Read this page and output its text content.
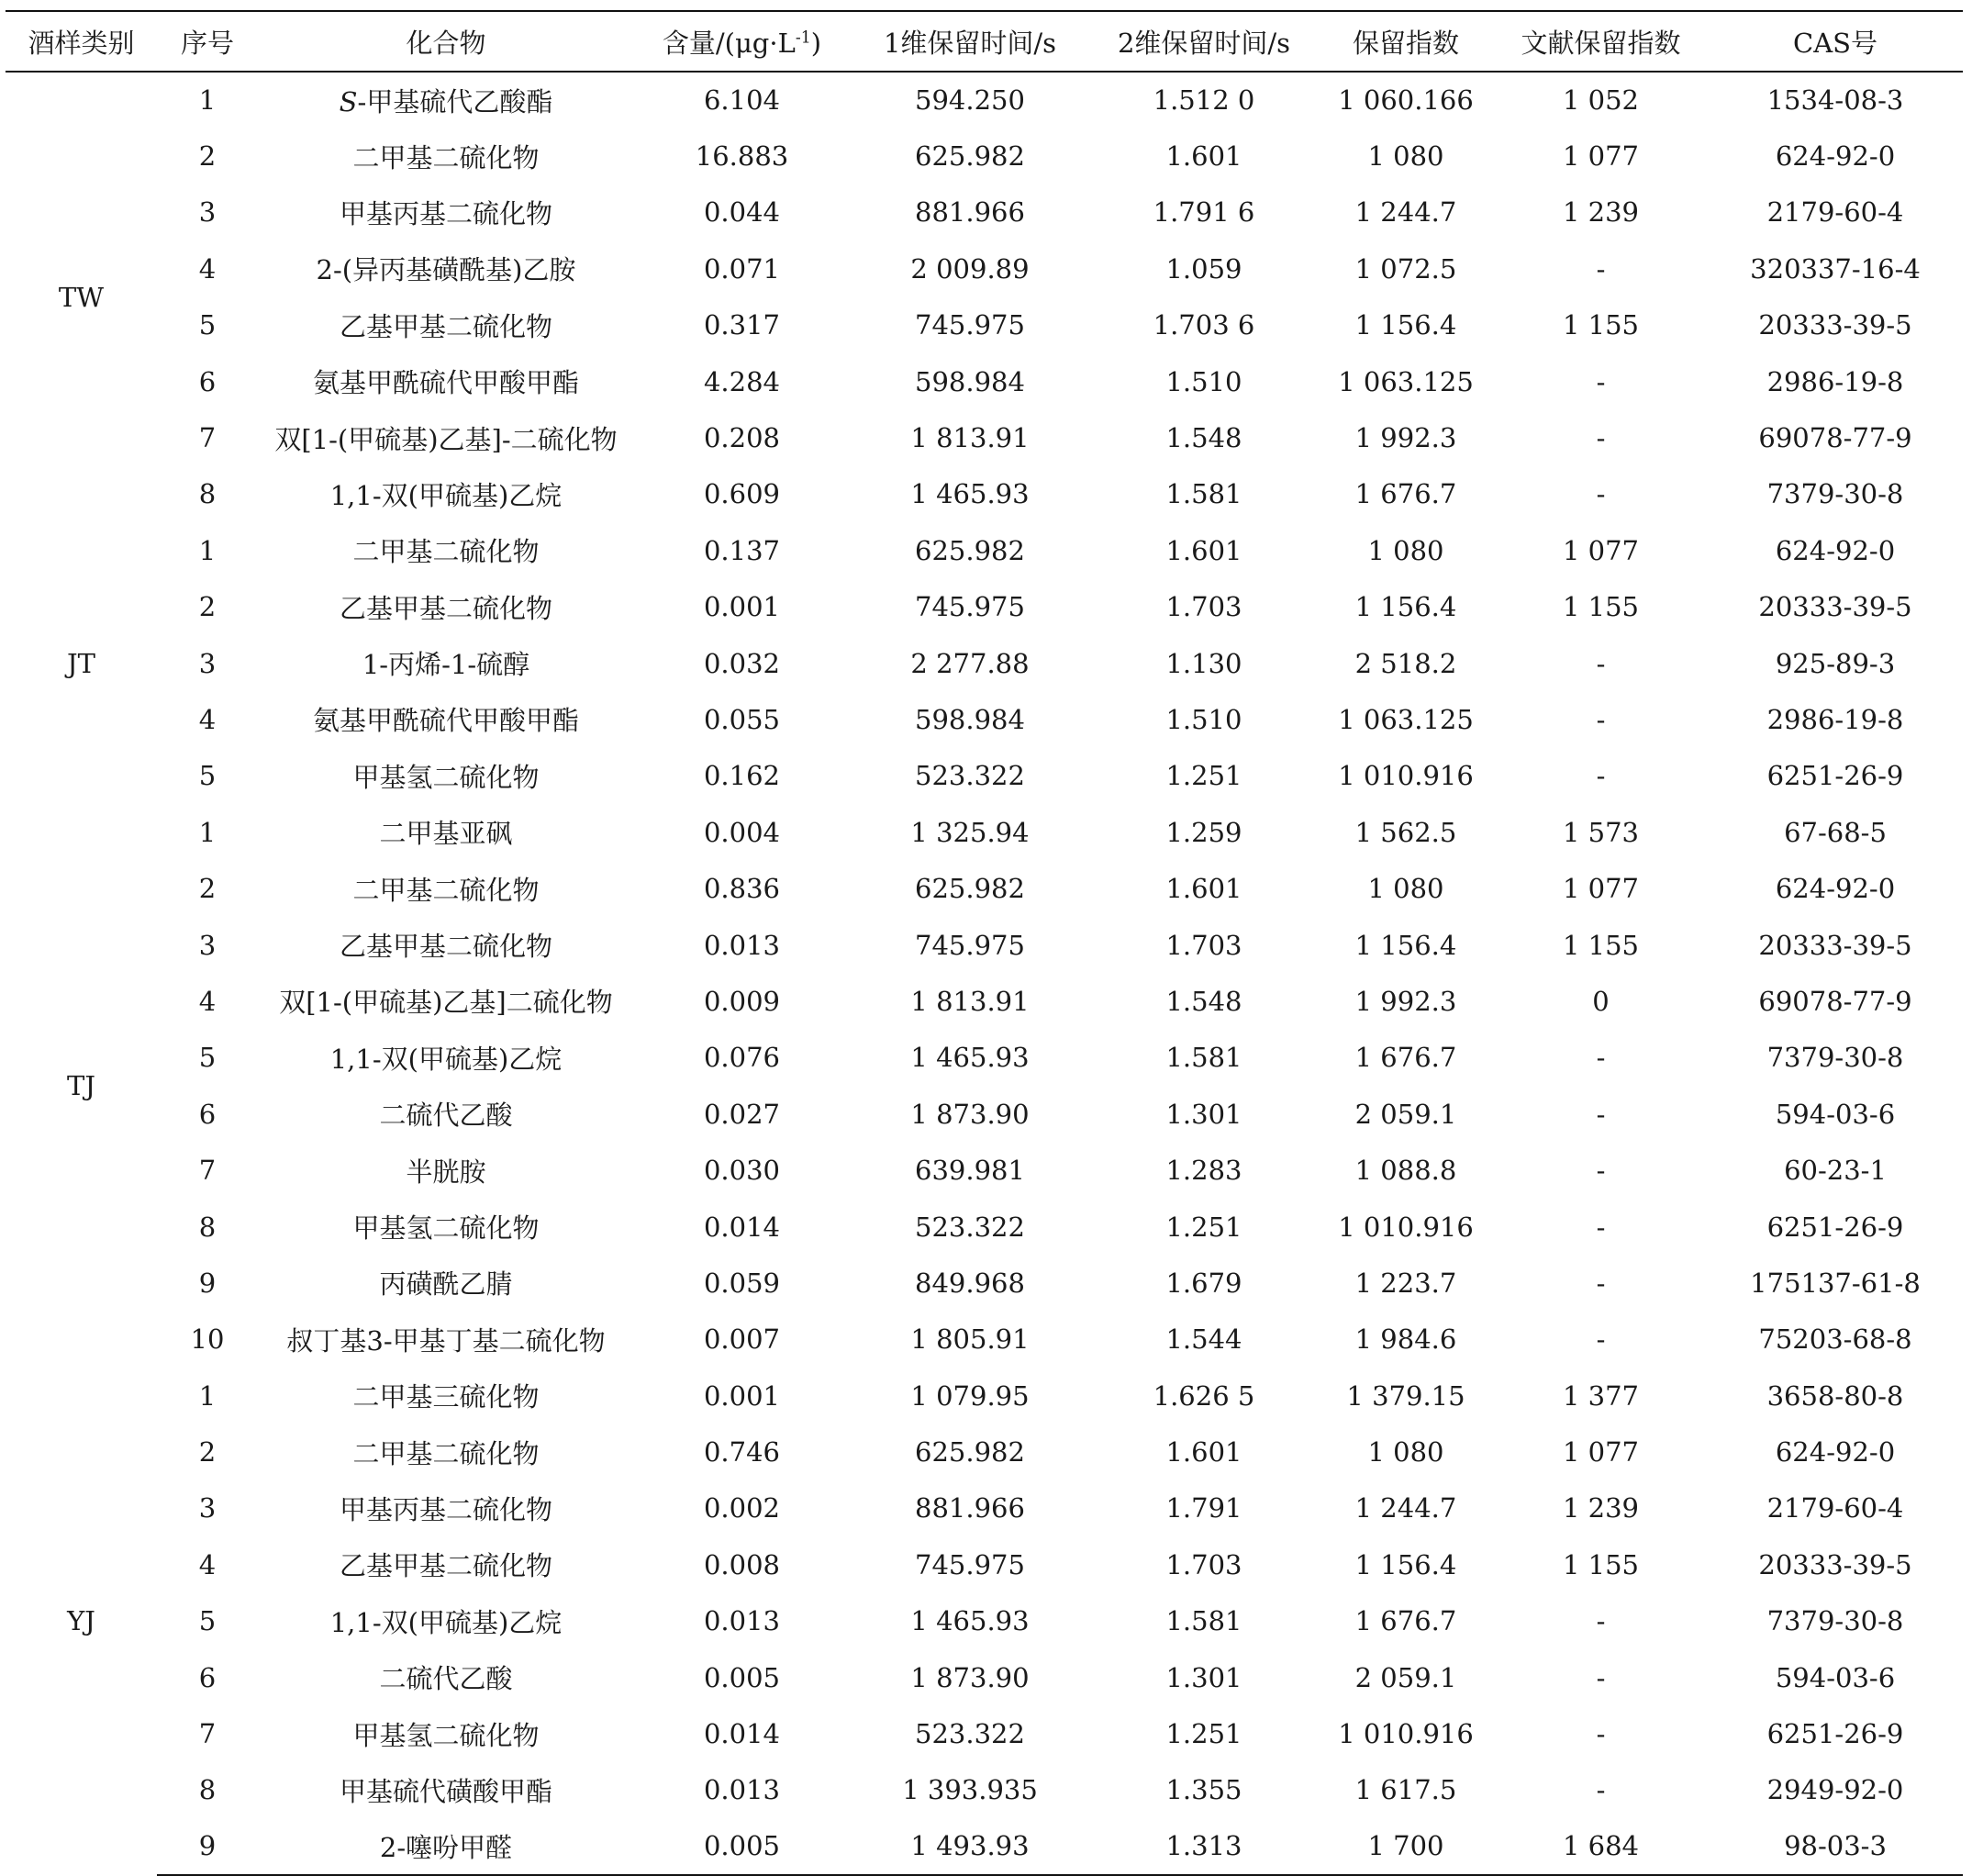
酒样类别	序号	化合物	含量$/(\mu g\cdot L^{-1})$	1维保留时间/s	2维保留时间/s	保留指数	文献保留指数	CAS号
TW	1	S-甲基硫代乙酸酯	6.104	594.250	1.512 0	1 060.166	1 052	1534-08-3
	2	二甲基二硫化物	16.883	625.982	1.601	1 080	1 077	624-92-0
	3	甲基丙基二硫化物	0.044	881.966	1.791 6	1 244.7	1 239	2179-60-4
	4	2-(异丙基磺酰基)乙胺	0.071	2 009.89	1.059	1 072.5	-	320337-16-4
	5	乙基甲基二硫化物	0.317	745.975	1.703 6	1 156.4	1 155	20333-39-5
	6	氨基甲酰硫代甲酸甲酯	4.284	598.984	1.510	1 063.125	-	2986-19-8
	7	双[1-(甲硫基)乙基]-二硫化物	0.208	1 813.91	1.548	1 992.3	-	69078-77-9
	8	1,1-双(甲硫基)乙烷	0.609	1 465.93	1.581	1 676.7	-	7379-30-8
JT	1	二甲基二硫化物	0.137	625.982	1.601	1 080	1 077	624-92-0
	2	乙基甲基二硫化物	0.001	745.975	1.703	1 156.4	1 155	20333-39-5
	3	1-丙烯-1-硫醇	0.032	2 277.88	1.130	2 518.2	-	925-89-3
	4	氨基甲酰硫代甲酸甲酯	0.055	598.984	1.510	1 063.125	-	2986-19-8
	5	甲基氢二硫化物	0.162	523.322	1.251	1 010.916	-	6251-26-9
TJ	1	二甲基亚砜	0.004	1 325.94	1.259	1 562.5	1 573	67-68-5
	2	二甲基二硫化物	0.836	625.982	1.601	1 080	1 077	624-92-0
	3	乙基甲基二硫化物	0.013	745.975	1.703	1 156.4	1 155	20333-39-5
	4	双[1-(甲硫基)乙基]二硫化物	0.009	1 813.91	1.548	1 992.3	0	69078-77-9
	5	1,1-双(甲硫基)乙烷	0.076	1 465.93	1.581	1 676.7	-	7379-30-8
	6	二硫代乙酸	0.027	1 873.90	1.301	2 059.1	-	594-03-6
	7	半胱胺	0.030	639.981	1.283	1 088.8	-	60-23-1
	8	甲基氢二硫化物	0.014	523.322	1.251	1 010.916	-	6251-26-9
	9	丙磺酰乙腈	0.059	849.968	1.679	1 223.7	-	175137-61-8
	10	叔丁基3-甲基丁基二硫化物	0.007	1 805.91	1.544	1 984.6	-	75203-68-8
YJ	1	二甲基三硫化物	0.001	1 079.95	1.626 5	1 379.15	1 377	3658-80-8
	2	二甲基二硫化物	0.746	625.982	1.601	1 080	1 077	624-92-0
	3	甲基丙基二硫化物	0.002	881.966	1.791	1 244.7	1 239	2179-60-4
	4	乙基甲基二硫化物	0.008	745.975	1.703	1 156.4	1 155	20333-39-5
	5	1,1-双(甲硫基)乙烷	0.013	1 465.93	1.581	1 676.7	-	7379-30-8
	6	二硫代乙酸	0.005	1 873.90	1.301	2 059.1	-	594-03-6
	7	甲基氢二硫化物	0.014	523.322	1.251	1 010.916	-	6251-26-9
	8	甲基硫代磺酸甲酯	0.013	1 393.935	1.355	1 617.5	-	2949-92-0
	9	2-噻吩甲醛	0.005	1 493.93	1.313	1 700	1 684	98-03-3
